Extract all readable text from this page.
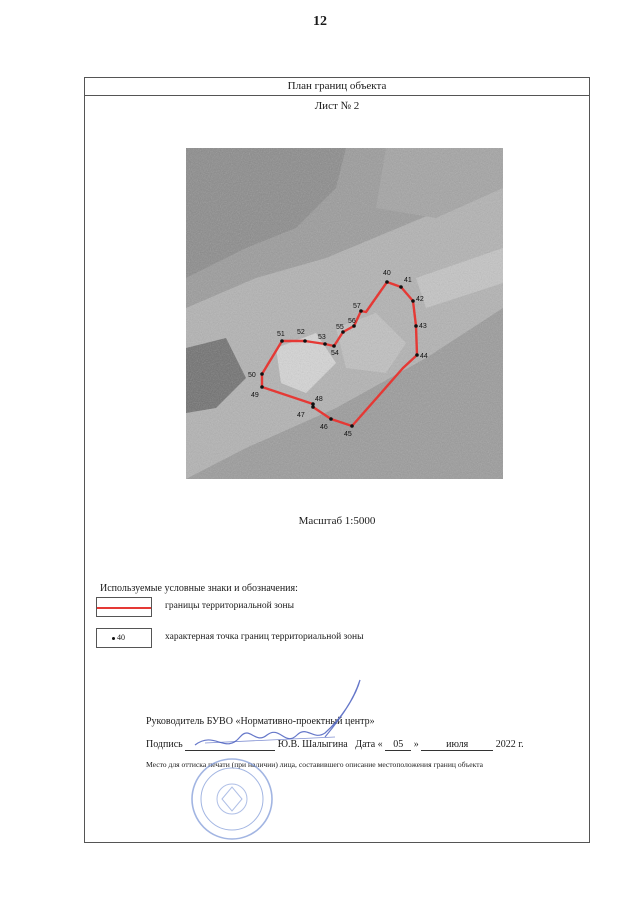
12
План границ объекта
Лист № 2
40
41
42
43
44
45
46
47
48
49
50
51 52
53
54
55
56
57
Масштаб 1:5000
Используемые условные знаки и обозначения:
границы территориальной зоны
40	характерная точка границ территориальной зоны
Руководитель БУВО «Нормативно-проектный центр»
Подпись	Ю.В. Шалыгина Дата « 05 »	июля	2022 г.
Место для оттиска печати (при наличии) лица, составившего описание местоположения границ объекта
